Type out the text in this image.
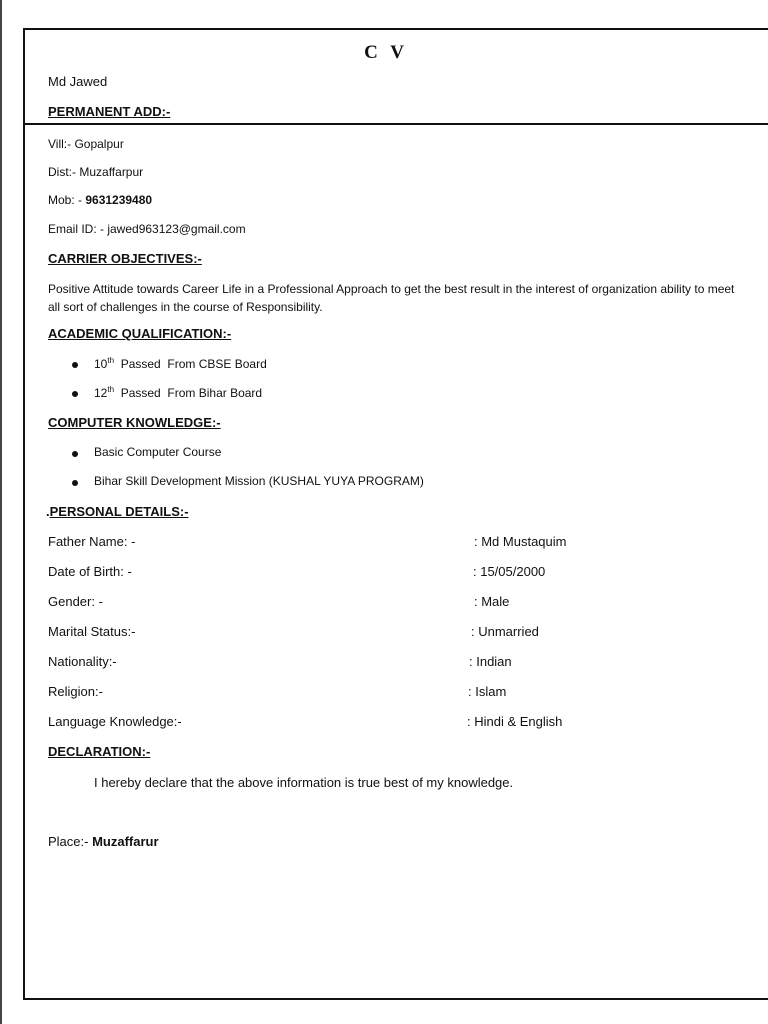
C V
Md Jawed
PERMANENT ADD:-
Vill:- Gopalpur
Dist:- Muzaffarpur
Mob: - 9631239480
Email ID: - jawed963123@gmail.com
CARRIER OBJECTIVES:-
Positive Attitude towards Career Life in a Professional Approach to get the best result in the interest of organization ability to meet all sort of challenges in the course of Responsibility.
ACADEMIC QUALIFICATION:-
10th  Passed  From CBSE Board
12th  Passed  From Bihar Board
COMPUTER KNOWLEDGE:-
Basic Computer Course
Bihar Skill Development Mission (KUSHAL YUYA PROGRAM)
.PERSONAL DETAILS:-
Father Name: -	: Md Mustaquim
Date of Birth: -	: 15/05/2000
Gender: -	: Male
Marital Status:-	: Unmarried
Nationality:-	: Indian
Religion:-	: Islam
Language Knowledge:-	: Hindi & English
DECLARATION:-
I hereby declare that the above information is true best of my knowledge.
Place:- Muzaffarur
